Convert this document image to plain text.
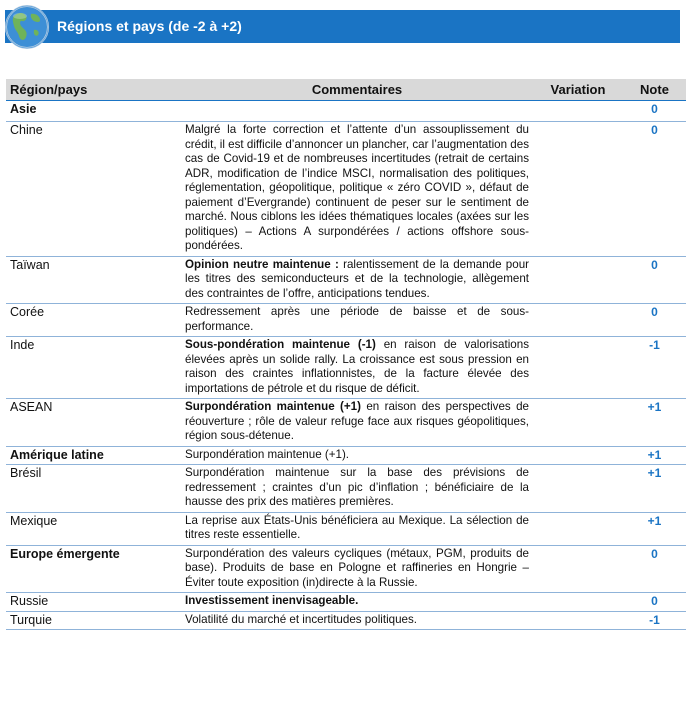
Régions et pays (de -2 à +2)
Région/pays	Commentaires	Variation	Note
Asie			0
Chine	Malgré la forte correction et l’attente d’un assouplissement du crédit, il est difficile d’annoncer un plancher, car l’augmentation des cas de Covid-19 et de nombreuses incertitudes (retrait de certains ADR, modification de l’indice MSCI, normalisation des politiques, réglementation, géopolitique, politique « zéro COVID », défaut de paiement d’Evergrande) continuent de peser sur le sentiment de marché. Nous ciblons les idées thématiques locales (axées sur les politiques) – Actions A surpondérées / actions offshore sous-pondérées.		0
Taïwan	Opinion neutre maintenue : ralentissement de la demande pour les titres des semiconducteurs et de la technologie, allègement des contraintes de l’offre, anticipations tendues.		0
Corée	Redressement après une période de baisse et de sous-performance.		0
Inde	Sous-pondération maintenue (-1) en raison de valorisations élevées après un solide rally. La croissance est sous pression en raison des craintes inflationnistes, de la facture élevée des importations de pétrole et du risque de déficit.		-1
ASEAN	Surpondération maintenue (+1) en raison des perspectives de réouverture ; rôle de valeur refuge face aux risques géopolitiques, région sous-détenue.		+1
Amérique latine	Surpondération maintenue (+1).		+1
Brésil	Surpondération maintenue sur la base des prévisions de redressement ; craintes d’un pic d’inflation ; bénéficiaire de la hausse des prix des matières premières.		+1
Mexique	La reprise aux États-Unis bénéficiera au Mexique. La sélection de titres reste essentielle.		+1
Europe émergente	Surpondération des valeurs cycliques (métaux, PGM, produits de base). Produits de base en Pologne et raffineries en Hongrie – Éviter toute exposition (in)directe à la Russie.		0
Russie	Investissement inenvisageable.		0
Turquie	Volatilité du marché et incertitudes politiques.		-1
